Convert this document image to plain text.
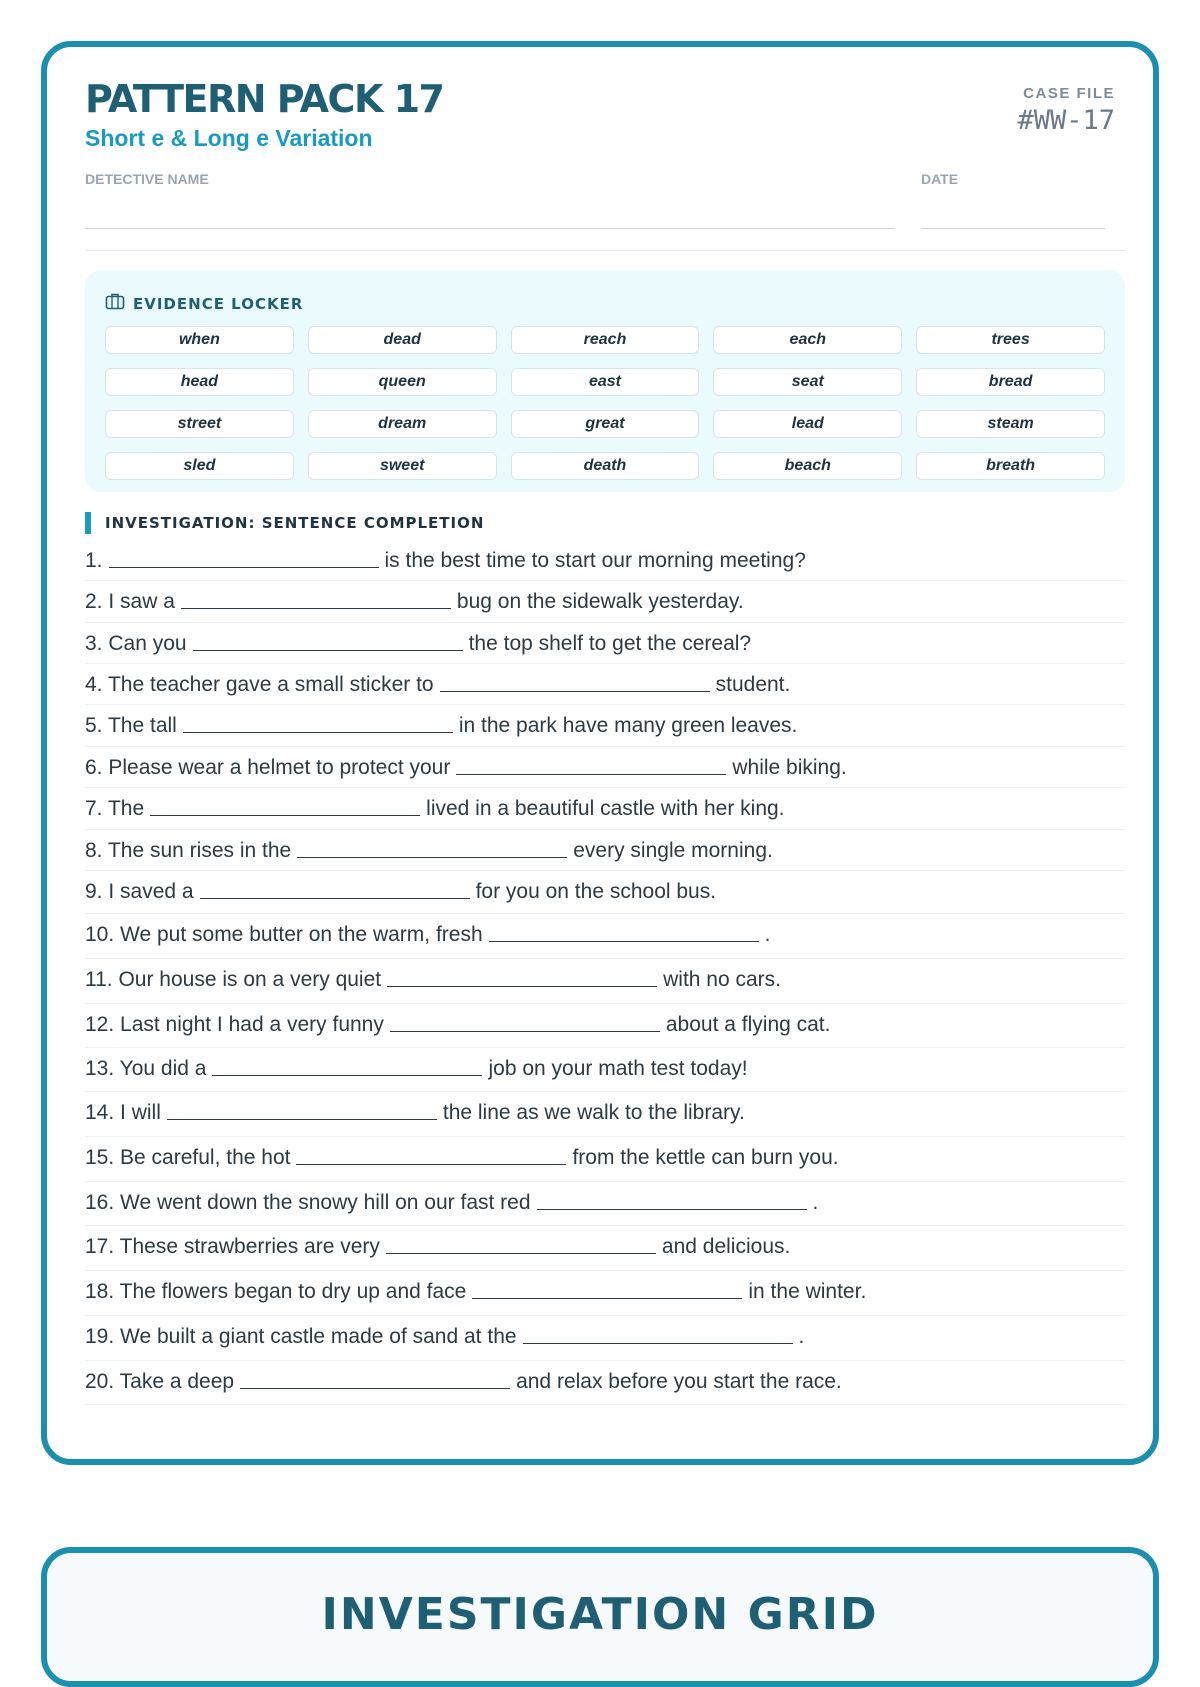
PATTERN PACK 17
Short e & Long e Variation
CASE FILE
#WW-17
DETECTIVE NAME	DATE
EVIDENCE LOCKER
when	dead	reach	each	trees
head	queen	east	seat	bread
street	dream	great	lead	steam
sled	sweet	death	beach	breath
INVESTIGATION: SENTENCE COMPLETION
1.	is the best time to start our morning meeting?
2. I saw a	bug on the sidewalk yesterday.
3. Can you	the top shelf to get the cereal?
4. The teacher gave a small sticker to	student.
5. The tall	in the park have many green leaves.
6. Please wear a helmet to protect your	while biking.
7. The	lived in a beautiful castle with her king.
8. The sun rises in the	every single morning.
9. I saved a	for you on the school bus.
10. We put some butter on the warm, fresh	.
11. Our house is on a very quiet	with no cars.
12. Last night I had a very funny	about a flying cat.
13. You did a	job on your math test today!
14. I will	the line as we walk to the library.
15. Be careful, the hot	from the kettle can burn you.
16. We went down the snowy hill on our fast red	.
17. These strawberries are very	and delicious.
18. The flowers began to dry up and face	in the winter.
19. We built a giant castle made of sand at the	.
20. Take a deep	and relax before you start the race.
INVESTIGATION GRID
